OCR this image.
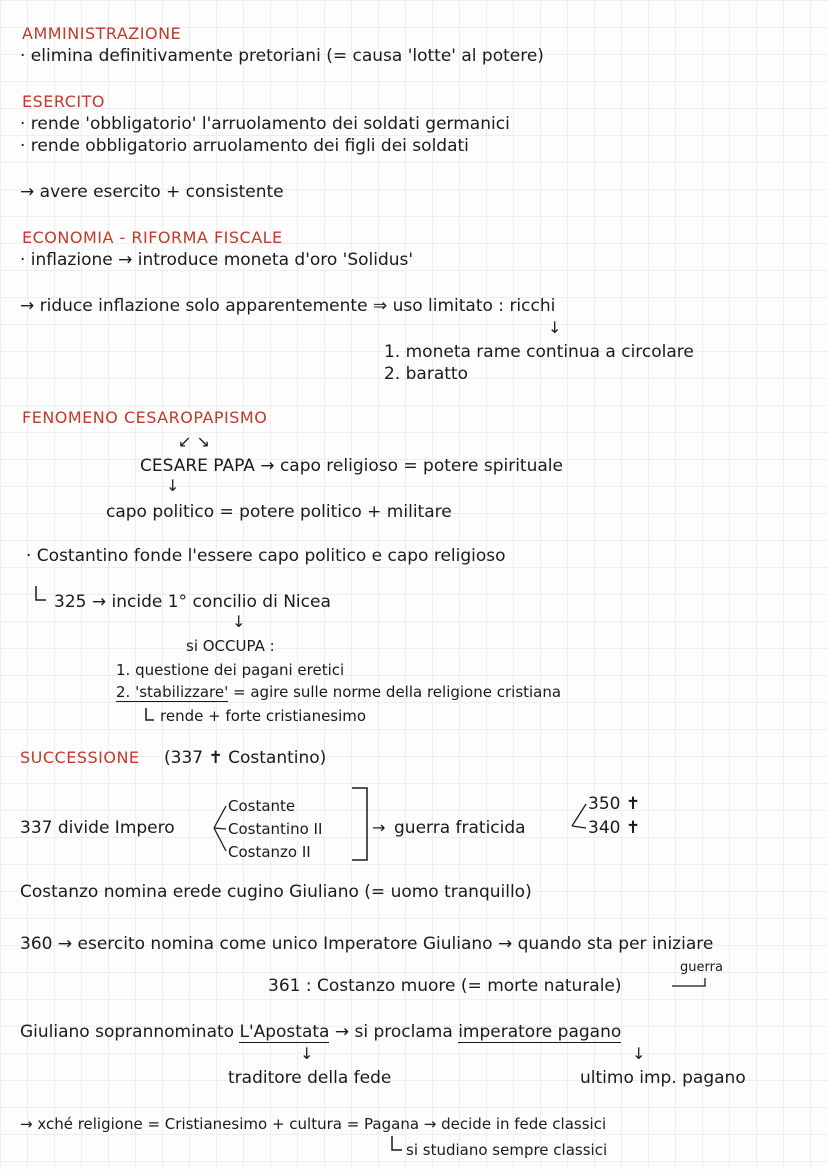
AMMINISTRAZIONE
· elimina definitivamente pretoriani (= causa 'lotte' al potere)
ESERCITO
· rende 'obbligatorio' l'arruolamento dei soldati germanici
· rende obbligatorio arruolamento dei figli dei soldati
→ avere esercito + consistente
ECONOMIA - RIFORMA FISCALE
· inflazione → introduce moneta d'oro 'Solidus'
→ riduce inflazione solo apparentemente ⇒ uso limitato : ricchi
↓
1. moneta rame continua a circolare
2. baratto
FENOMENO CESAROPAPISMO
↙ ↘
CESARE PAPA → capo religioso = potere spirituale
↓
capo politico = potere politico + militare
· Costantino fonde l'essere capo politico e capo religioso
325 → incide 1° concilio di Nicea
↓
si OCCUPA :
1. questione dei pagani eretici
2. 'stabilizzare' = agire sulle norme della religione cristiana
rende + forte cristianesimo
SUCCESSIONE (337 ✝ Costantino)
337 divide Impero
Costante
Costantino II
Costanzo II
→ guerra fraticida
350 ✝
340 ✝
Costanzo nomina erede cugino Giuliano (= uomo tranquillo)
360 → esercito nomina come unico Imperatore Giuliano → quando sta per iniziare
guerra
361 : Costanzo muore (= morte naturale)
Giuliano soprannominato L'Apostata → si proclama imperatore pagano
↓	↓
traditore della fede	ultimo imp. pagano
→ xché religione = Cristianesimo + cultura = Pagana → decide in fede classici
si studiano sempre classici
